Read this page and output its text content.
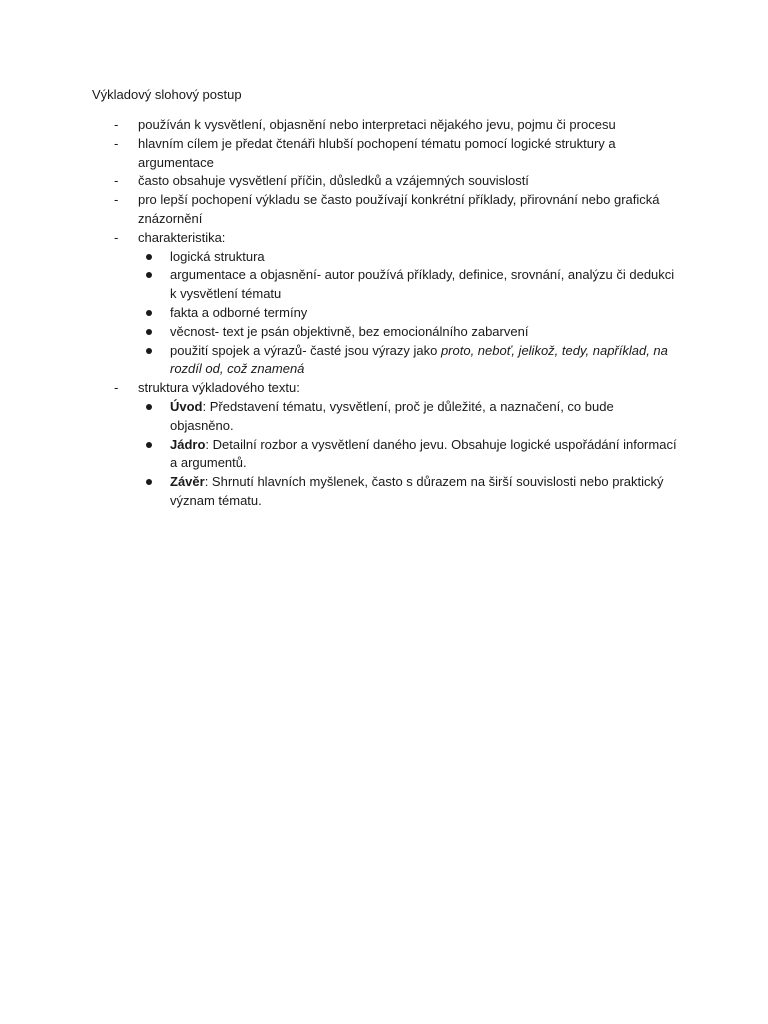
Výkladový slohový postup
- používán k vysvětlení, objasnění nebo interpretaci nějakého jevu, pojmu či procesu
- hlavním cílem je předat čtenáři hlubší pochopení tématu pomocí logické struktury a argumentace
- často obsahuje vysvětlení příčin, důsledků a vzájemných souvislostí
- pro lepší pochopení výkladu se často používají konkrétní příklady, přirovnání nebo grafická znázornění
- charakteristika:
logická struktura
argumentace a objasnění- autor používá příklady, definice, srovnání, analýzu či dedukci k vysvětlení tématu
fakta a odborné termíny
věcnost- text je psán objektivně, bez emocionálního zabarvení
použití spojek a výrazů- časté jsou výrazy jako proto, neboť, jelikož, tedy, například, na rozdíl od, což znamená
- struktura výkladového textu:
Úvod: Představení tématu, vysvětlení, proč je důležité, a naznačení, co bude objasněno.
Jádro: Detailní rozbor a vysvětlení daného jevu. Obsahuje logické uspořádání informací a argumentů.
Závěr: Shrnutí hlavních myšlenek, často s důrazem na širší souvislosti nebo praktický význam tématu.
